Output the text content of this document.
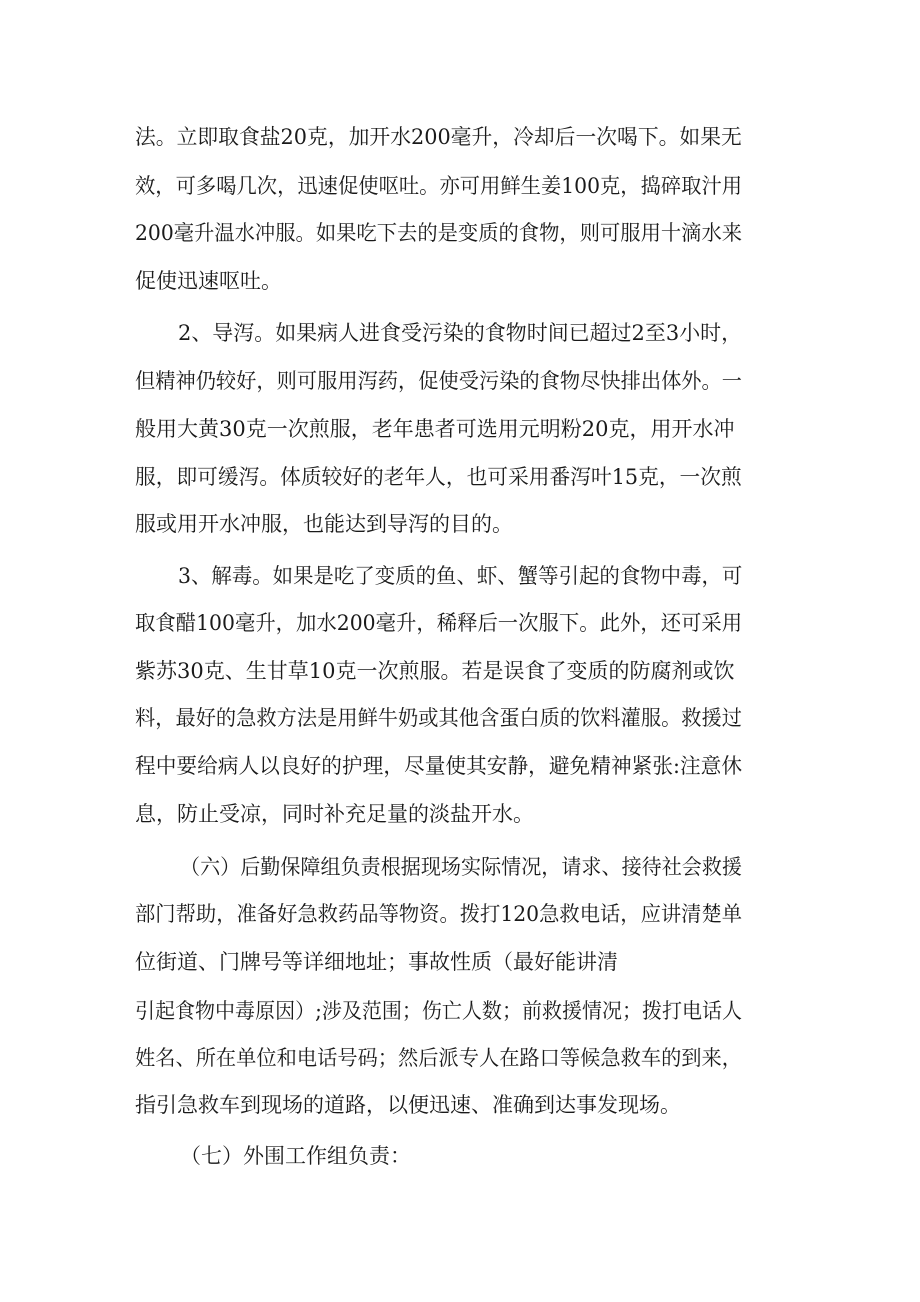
法。立即取食盐20克，加开水200毫升，冷却后一次喝下。如果无
效，可多喝几次，迅速促使呕吐。亦可用鲜生姜100克，捣碎取汁用
200毫升温水冲服。如果吃下去的是变质的食物，则可服用十滴水来
促使迅速呕吐。
2、导泻。如果病人进食受污染的食物时间已超过2至3小时，
但精神仍较好，则可服用泻药，促使受污染的食物尽快排出体外。一
般用大黄30克一次煎服，老年患者可选用元明粉20克，用开水冲
服，即可缓泻。体质较好的老年人，也可采用番泻叶15克，一次煎
服或用开水冲服，也能达到导泻的目的。
3、解毒。如果是吃了变质的鱼、虾、蟹等引起的食物中毒，可
取食醋100毫升，加水200毫升，稀释后一次服下。此外，还可采用
紫苏30克、生甘草10克一次煎服。若是误食了变质的防腐剂或饮
料，最好的急救方法是用鲜牛奶或其他含蛋白质的饮料灌服。救援过
程中要给病人以良好的护理，尽量使其安静，避免精神紧张:注意休
息，防止受凉，同时补充足量的淡盐开水。
（六）后勤保障组负责根据现场实际情况，请求、接待社会救援
部门帮助，准备好急救药品等物资。拨打120急救电话，应讲清楚单
位街道、门牌号等详细地址；事故性质（最好能讲清
引起食物中毒原因）;涉及范围；伤亡人数；前救援情况；拨打电话人
姓名、所在单位和电话号码；然后派专人在路口等候急救车的到来，
指引急救车到现场的道路，以便迅速、准确到达事发现场。
（七）外围工作组负责：
